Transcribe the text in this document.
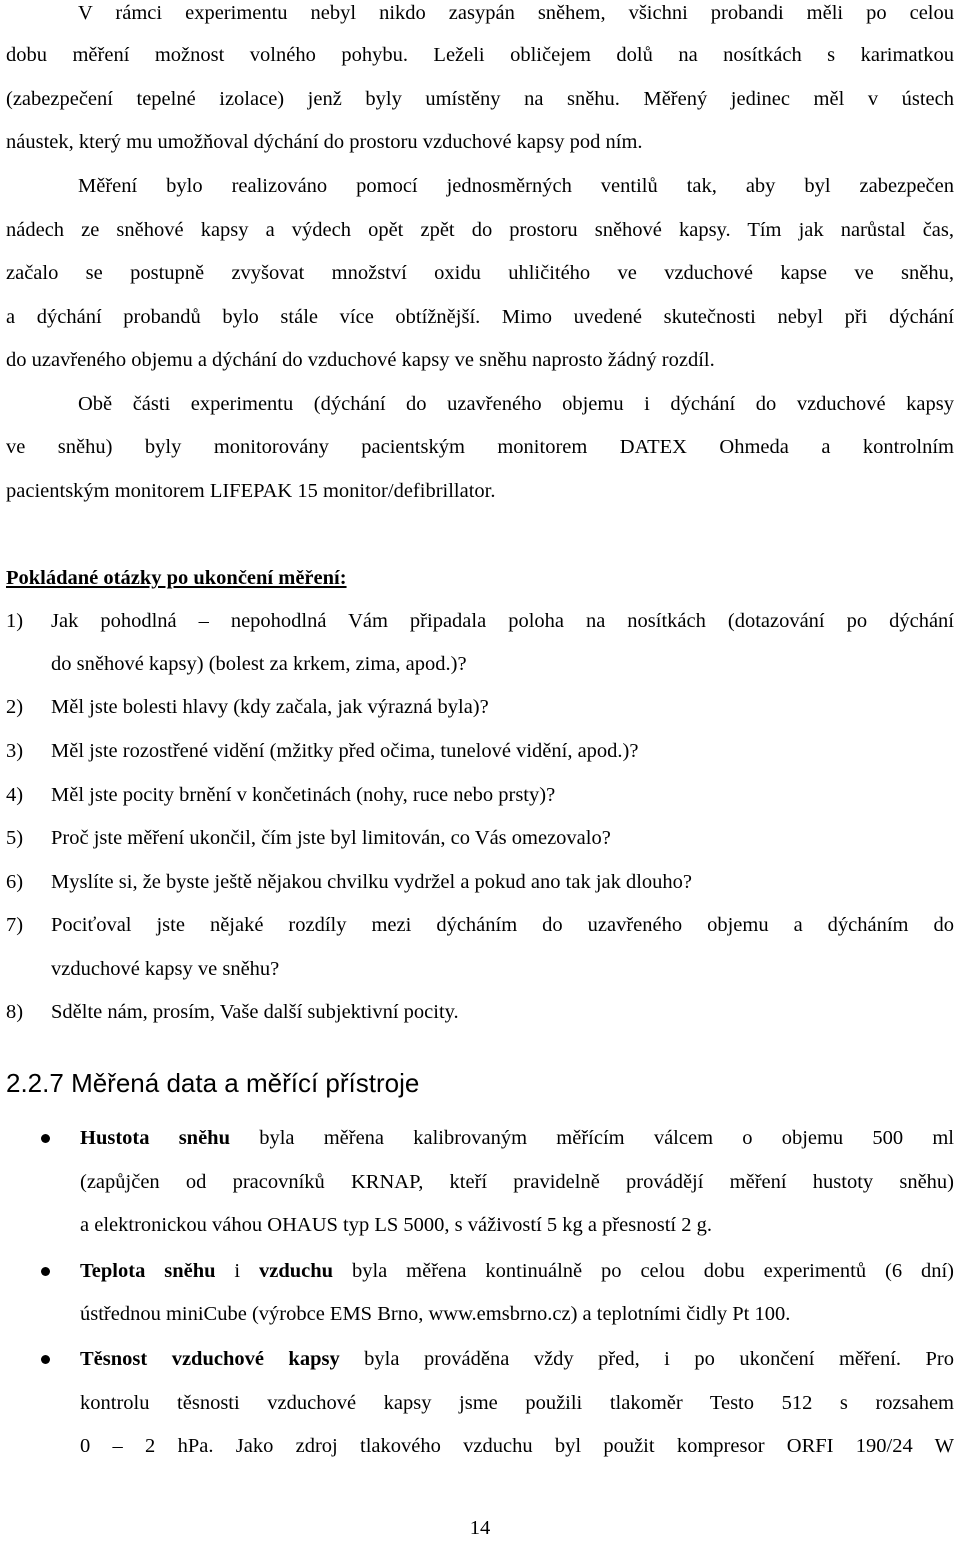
V rámci experimentu nebyl nikdo zasypán sněhem, všichni probandi měli po celou
dobu měření možnost volného pohybu. Leželi obličejem dolů na nosítkách s karimatkou
(zabezpečení tepelné izolace) jenž byly umístěny na sněhu. Měřený jedinec měl v ústech
náustek, který mu umožňoval dýchání do prostoru vzduchové kapsy pod ním.
Měření bylo realizováno pomocí jednosměrných ventilů tak, aby byl zabezpečen
nádech ze sněhové kapsy a výdech opět zpět do prostoru sněhové kapsy. Tím jak narůstal čas,
začalo se postupně zvyšovat množství oxidu uhličitého ve vzduchové kapse ve sněhu,
a dýchání probandů bylo stále více obtížnější. Mimo uvedené skutečnosti nebyl při dýchání
do uzavřeného objemu a dýchání do vzduchové kapsy ve sněhu naprosto žádný rozdíl.
Obě části experimentu (dýchání do uzavřeného objemu i dýchání do vzduchové kapsy
ve sněhu) byly monitorovány pacientským monitorem DATEX Ohmeda a kontrolním
pacientským monitorem LIFEPAK 15 monitor/defibrillator.
Pokládané otázky po ukončení měření:
1) Jak pohodlná – nepohodlná Vám připadala poloha na nosítkách (dotazování po dýchání
do sněhové kapsy) (bolest za krkem, zima, apod.)?
2) Měl jste bolesti hlavy (kdy začala, jak výrazná byla)?
3) Měl jste rozostřené vidění (mžitky před očima, tunelové vidění, apod.)?
4) Měl jste pocity brnění v končetinách (nohy, ruce nebo prsty)?
5) Proč jste měření ukončil, čím jste byl limitován, co Vás omezovalo?
6) Myslíte si, že byste ještě nějakou chvilku vydržel a pokud ano tak jak dlouho?
7) Pociťoval jste nějaké rozdíly mezi dýcháním do uzavřeného objemu a dýcháním do
vzduchové kapsy ve sněhu?
8) Sdělte nám, prosím, Vaše další subjektivní pocity.
2.2.7 Měřená data a měřící přístroje
Hustota sněhu byla měřena kalibrovaným měřícím válcem o objemu 500 ml
(zapůjčen od pracovníků KRNAP, kteří pravidelně provádějí měření hustoty sněhu)
a elektronickou váhou OHAUS typ LS 5000, s váživostí 5 kg a přesností 2 g.
Teplota sněhu i vzduchu byla měřena kontinuálně po celou dobu experimentů (6 dní)
ústřednou miniCube (výrobce EMS Brno, www.emsbrno.cz) a teplotními čidly Pt 100.
Těsnost vzduchové kapsy byla prováděna vždy před, i po ukončení měření. Pro
kontrolu těsnosti vzduchové kapsy jsme použili tlakoměr Testo 512 s rozsahem
0 – 2 hPa. Jako zdroj tlakového vzduchu byl použit kompresor ORFI 190/24 W
14
